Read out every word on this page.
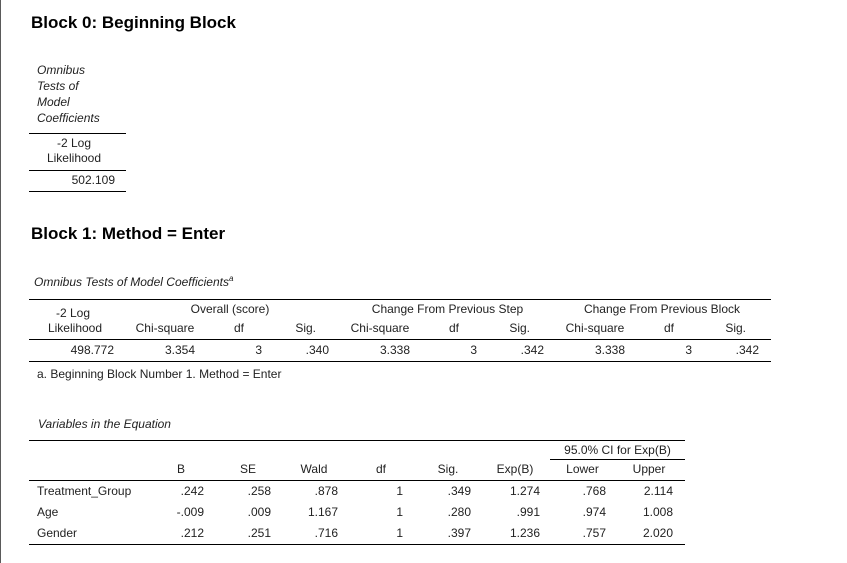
Block 0: Beginning Block
Omnibus
Tests of
Model
Coefficients
-2 Log
Likelihood
502.109
Block 1: Method = Enter
Omnibus Tests of Model Coefficients$^a$
-2 Log
Likelihood
Overall (score)	Change From Previous Step	Change From Previous Block
Chi-square	df	Sig.	Chi-square	df	Sig.	Chi-square	df	Sig.
498.772	3.354	3	.340	3.338	3	.342	3.338	3	.342
a. Beginning Block Number 1. Method = Enter
Variables in the Equation
95.0% CI for Exp(B)
B	SE	Wald	df	Sig.	Exp(B)	Lower	Upper
Treatment_Group	.242	.258	.878	1	.349	1.274	.768	2.114
Age	-.009	.009	1.167	1	.280	.991	.974	1.008
Gender	.212	.251	.716	1	.397	1.236	.757	2.020
